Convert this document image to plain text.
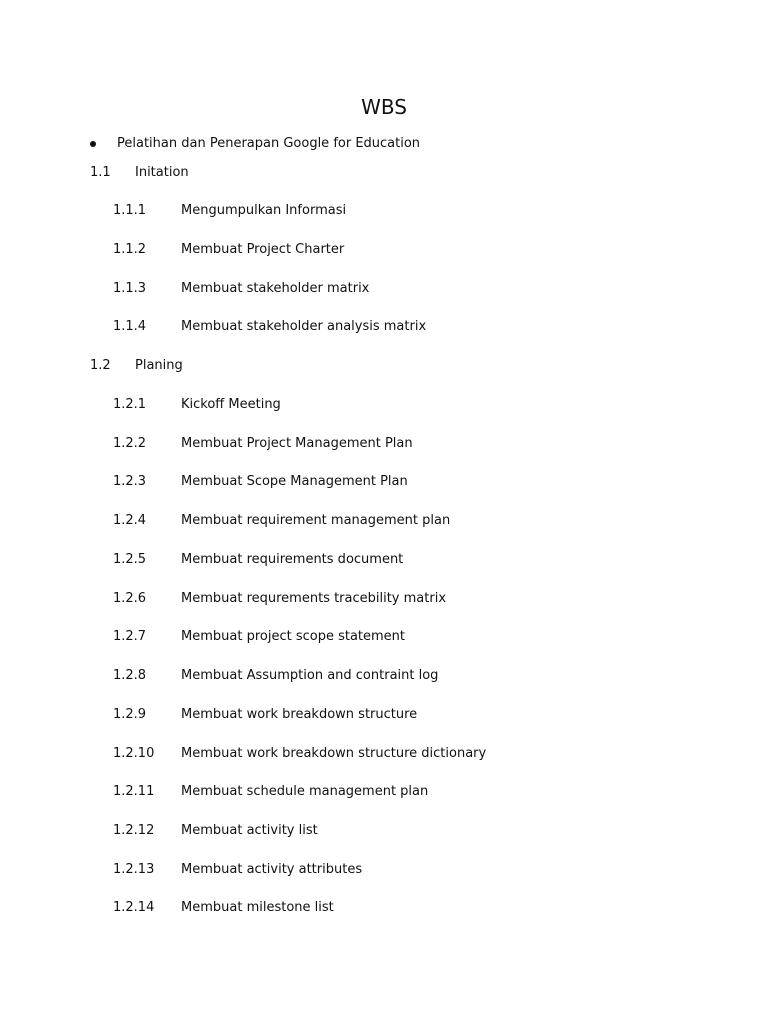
WBS
Pelatihan dan Penerapan Google for Education
1.1 Initation
1.1.1	Mengumpulkan Informasi
1.1.2	Membuat Project Charter
1.1.3	Membuat stakeholder matrix
1.1.4	Membuat stakeholder analysis matrix
1.2 Planing
1.2.1	Kickoff Meeting
1.2.2	Membuat Project Management Plan
1.2.3	Membuat Scope Management Plan
1.2.4	Membuat requirement management plan
1.2.5	Membuat requirements document
1.2.6	Membuat requrements tracebility matrix
1.2.7	Membuat project scope statement
1.2.8	Membuat Assumption and contraint log
1.2.9	Membuat work breakdown structure
1.2.10 Membuat work breakdown structure dictionary
1.2.11 Membuat schedule management plan
1.2.12 Membuat activity list
1.2.13 Membuat activity attributes
1.2.14 Membuat milestone list
